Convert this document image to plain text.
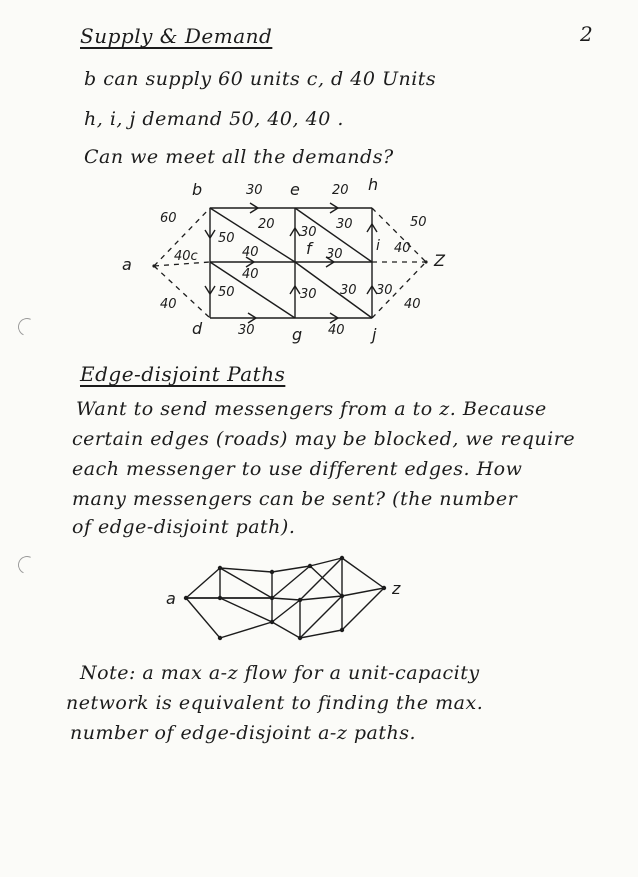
Supply & Demand	2
b can supply 60 units c, d 40 Units
h, i, j demand 50, 40, 40 .
Can we meet all the demands?
b	e	h
f	i
a	Z
d	g	j
30	20
20
30
30
30
50
40
30
50
30
30
40
30
40
60
40
40
50
40
40c
Edge-disjoint Paths
Want to send messengers from a to z. Because
certain edges (roads) may be blocked, we require
each messenger to use different edges. How
many messengers can be sent? (the number
of edge-disjoint path).
a
z
Note: a max a-z flow for a unit-capacity
network is equivalent to finding the max.
number of edge-disjoint a-z paths.
